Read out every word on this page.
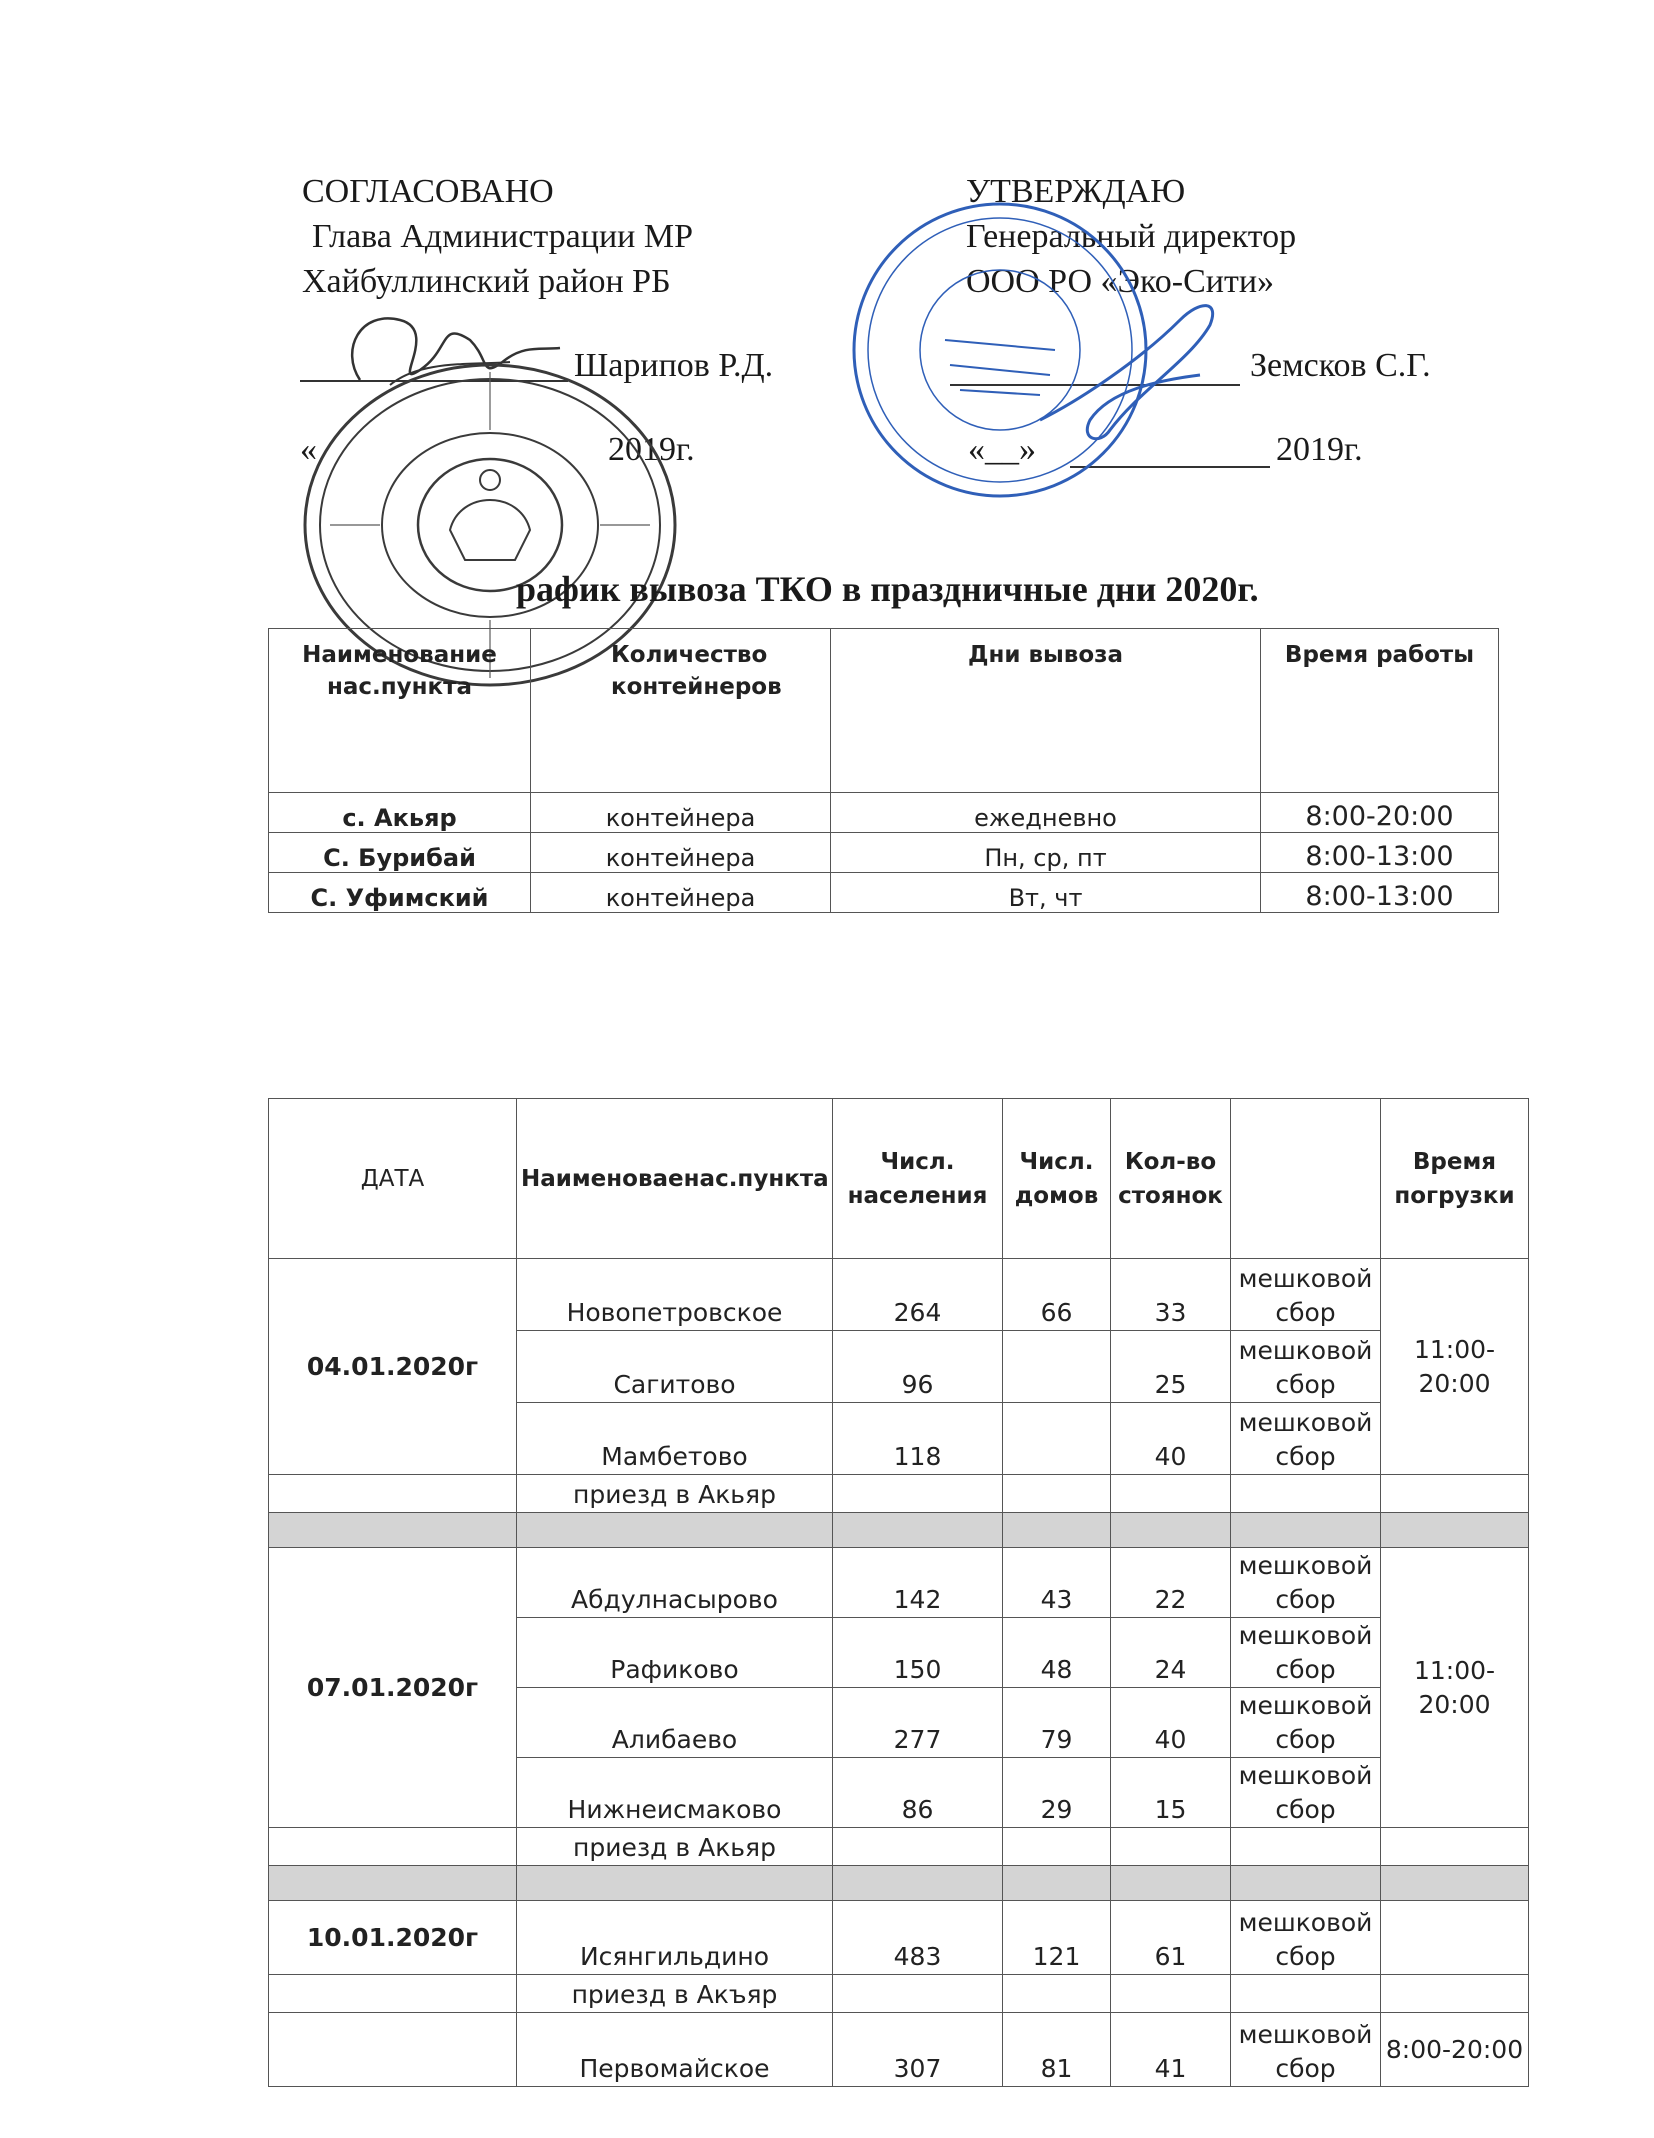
СОГЛАСОВАНО
Глава Администрации МР
Хайбуллинский район РБ
Шарипов Р.Д.
«	2019г.
УТВЕРЖДАЮ
Генеральный директор
ООО РО «Эко-Сити»
Земсков С.Г.
«__»	2019г.
рафик вывоза ТКО в праздничные дни 2020г.
Наименование нас.пункта	Количество контейнеров	Дни вывоза	Время работы
с. Акьяр	контейнера	ежедневно	8:00-20:00
С. Бурибай	контейнера	Пн, ср, пт	8:00-13:00
С. Уфимский	контейнера	Вт, чт	8:00-13:00
ДАТА	Наименоваенас.пункта	Числ. населения	Числ. домов	Кол-во стоянок		Время погрузки
04.01.2020г	Новопетровское	264	66	33	мешковой сбор	11:00-20:00
	Сагитово	96		25	мешковой сбор	
	Мамбетово	118		40	мешковой сбор	
	приезд в Акьяр					

07.01.2020г	Абдулнасырово	142	43	22	мешковой сбор	11:00-20:00
	Рафиково	150	48	24	мешковой сбор	
	Алибаево	277	79	40	мешковой сбор	
	Нижнеисмаково	86	29	15	мешковой сбор	
	приезд в Акьяр					

10.01.2020г	Исянгильдино	483	121	61	мешковой сбор	
	приезд в Акъяр					
	Первомайское	307	81	41	мешковой сбор	8:00-20:00
